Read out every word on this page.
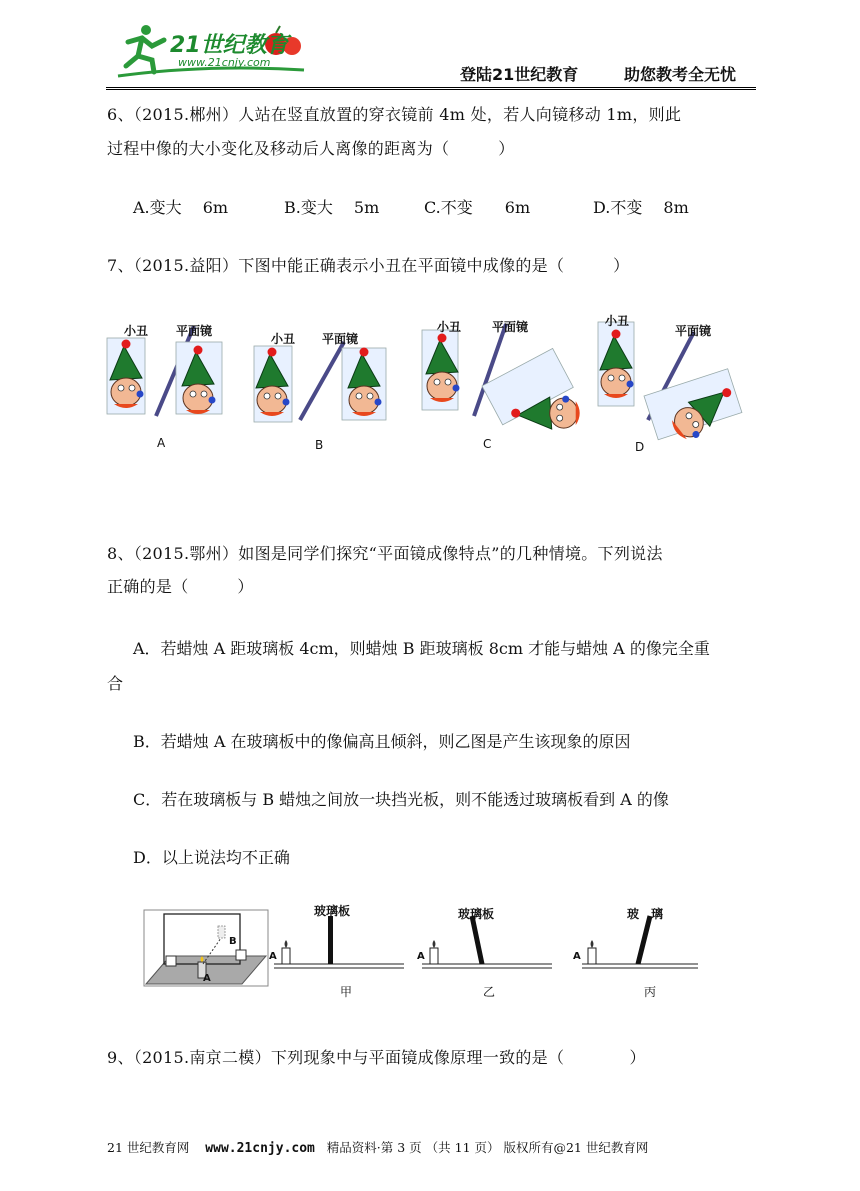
21世纪教育
www.21cnjy.com
登陆21世纪教育	助您教考全无忧
6、（2015.郴州）人站在竖直放置的穿衣镜前 4m 处，若人向镜移动 1m，则此
过程中像的大小变化及移动后人离像的距离为（　　　）
A.变大　 6m	B.变大　 5m	C.不变　　6m	D.不变　 8m
7、（2015.益阳）下图中能正确表示小丑在平面镜中成像的是（　　　）
小丑 平面镜
小丑 平面镜
小丑	平面镜	小丑
平面镜
A	B	C	D
8、（2015.鄂州）如图是同学们探究“平面镜成像特点”的几种情境。下列说法
正确的是（　　　）
A．若蜡烛 A 距玻璃板 4cm，则蜡烛 B 距玻璃板 8cm 才能与蜡烛 A 的像完全重
合
B．若蜡烛 A 在玻璃板中的像偏高且倾斜，则乙图是产生该现象的原因
C．若在玻璃板与 B 蜡烛之间放一块挡光板，则不能透过玻璃板看到 A 的像
D．以上说法均不正确
A
B
A	A	A
玻璃板	玻璃板	玻　璃
甲	乙	丙
9、（2015.南京二模）下列现象中与平面镜成像原理一致的是（　　　　）
21 世纪教育网 www.21cnjy.com 精品资料·第 3 页 （共 11 页） 版权所有@21 世纪教育网
